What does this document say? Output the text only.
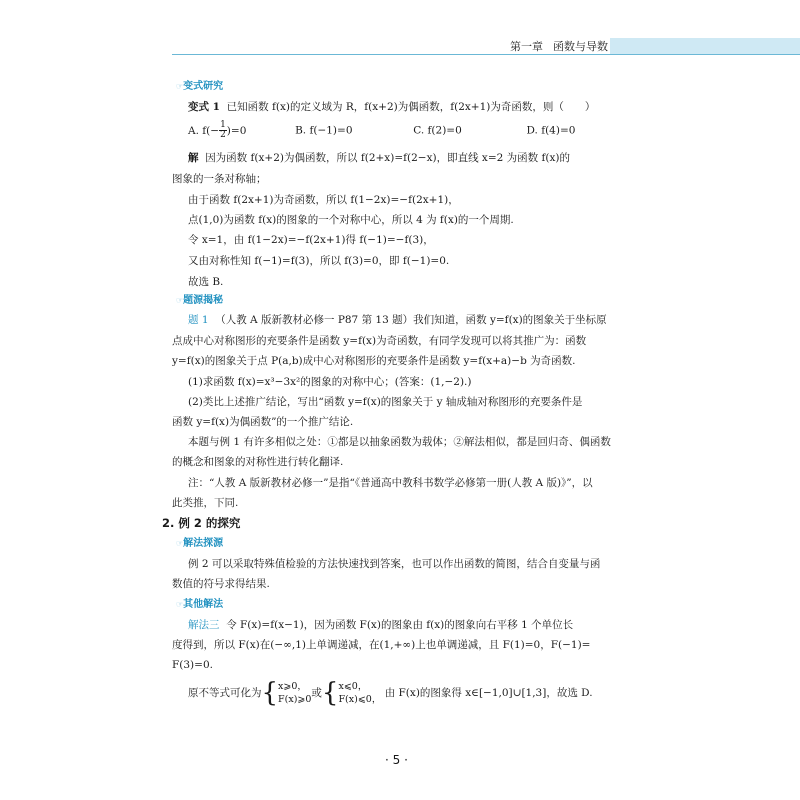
第一章 函数与导数
☞变式研究
变式 1 已知函数 f(x)的定义域为 R，f(x+2)为偶函数，f(2x+1)为奇函数，则（　　）
A. $f(- \frac{1}{2} )=0$	B. f(−1)=0	C. f(2)=0	D. f(4)=0
解 因为函数 f(x+2)为偶函数，所以 f(2+x)=f(2−x)，即直线 x=2 为函数 f(x)的
图象的一条对称轴；
由于函数 f(2x+1)为奇函数，所以 f(1−2x)=−f(2x+1)，
点(1,0)为函数 f(x)的图象的一个对称中心，所以 4 为 f(x)的一个周期.
令 x=1，由 f(1−2x)=−f(2x+1)得 f(−1)=−f(3)，
又由对称性知 f(−1)=f(3)，所以 f(3)=0，即 f(−1)=0.
故选 B.
☞题源揭秘
题 1 （人教 A 版新教材必修一 P87 第 13 题）我们知道，函数 y=f(x)的图象关于坐标原
点成中心对称图形的充要条件是函数 y=f(x)为奇函数，有同学发现可以将其推广为：函数
y=f(x)的图象关于点 P(a,b)成中心对称图形的充要条件是函数 y=f(x+a)−b 为奇函数.
(1)求函数 f(x)=x³−3x²的图象的对称中心；(答案：(1,−2).)
(2)类比上述推广结论，写出“函数 y=f(x)的图象关于 y 轴成轴对称图形的充要条件是
函数 y=f(x)为偶函数”的一个推广结论.
本题与例 1 有许多相似之处：①都是以抽象函数为载体；②解法相似，都是回归奇、偶函数
的概念和图象的对称性进行转化翻译.
注：“人教 A 版新教材必修一”是指“《普通高中教科书数学必修第一册(人教 A 版)》”，以
此类推，下同.
2. 例 2 的探究
☞解法探源
例 2 可以采取特殊值检验的方法快速找到答案，也可以作出函数的简图，结合自变量与函
数值的符号求得结果.
☞其他解法
解法三 令 F(x)=f(x−1)，因为函数 F(x)的图象由 f(x)的图象向右平移 1 个单位长
度得到，所以 F(x)在(−∞,1)上单调递减，在(1,+∞)上也单调递减，且 F(1)=0，F(−1)=
F(3)=0.
原不等式可化为{ x⩾0，
F(x)⩾0
或{ x⩽0，
F(x)⩽0，
由 F(x)的图象得 x∈[−1,0]∪[1,3]，故选 D.
· 5 ·
